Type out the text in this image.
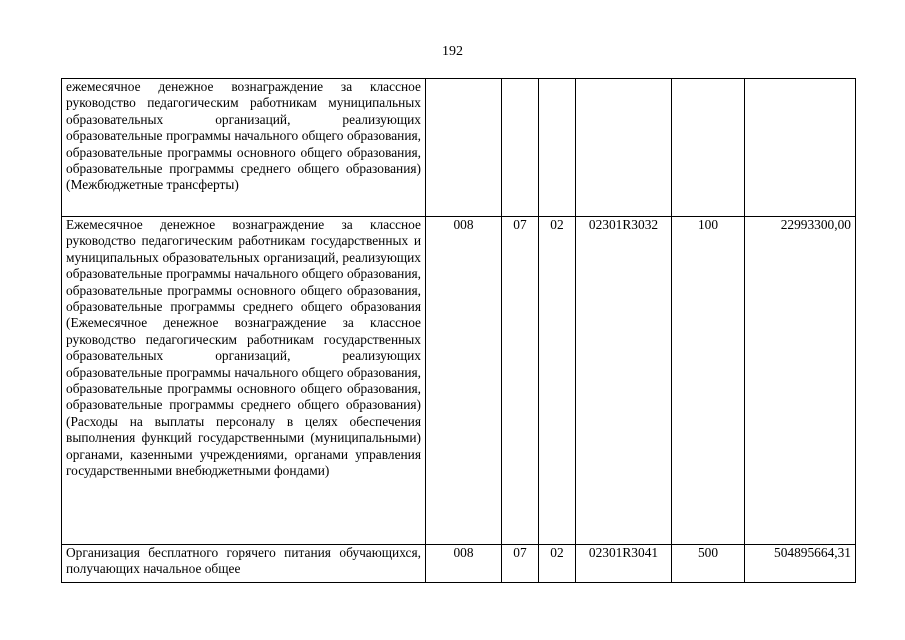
192
ежемесячное денежное вознаграждение за классное руководство педагогическим работникам муниципальных образовательных организаций, реализующих образовательные программы начального общего образования, образовательные программы основного общего образования, образовательные программы среднего общего образования) (Межбюджетные трансферты)						

Ежемесячное денежное вознаграждение за классное руководство педагогическим работникам государственных и муниципальных образовательных организаций, реализующих образовательные программы начального общего образования, образовательные программы основного общего образования, образовательные программы среднего общего образования (Ежемесячное денежное вознаграждение за классное руководство педагогическим работникам государственных образовательных организаций, реализующих образовательные программы начального общего образования, образовательные программы основного общего образования, образовательные программы среднего общего образования) (Расходы на выплаты персоналу в целях обеспечения выполнения функций государственными (муниципальными) органами, казенными учреждениями, органами управления государственными внебюджетными фондами)	008	07	02	02301R3032	100	22993300,00

Организация бесплатного горячего питания обучающихся, получающих начальное общее	008	07	02	02301R3041	500	504895664,31
